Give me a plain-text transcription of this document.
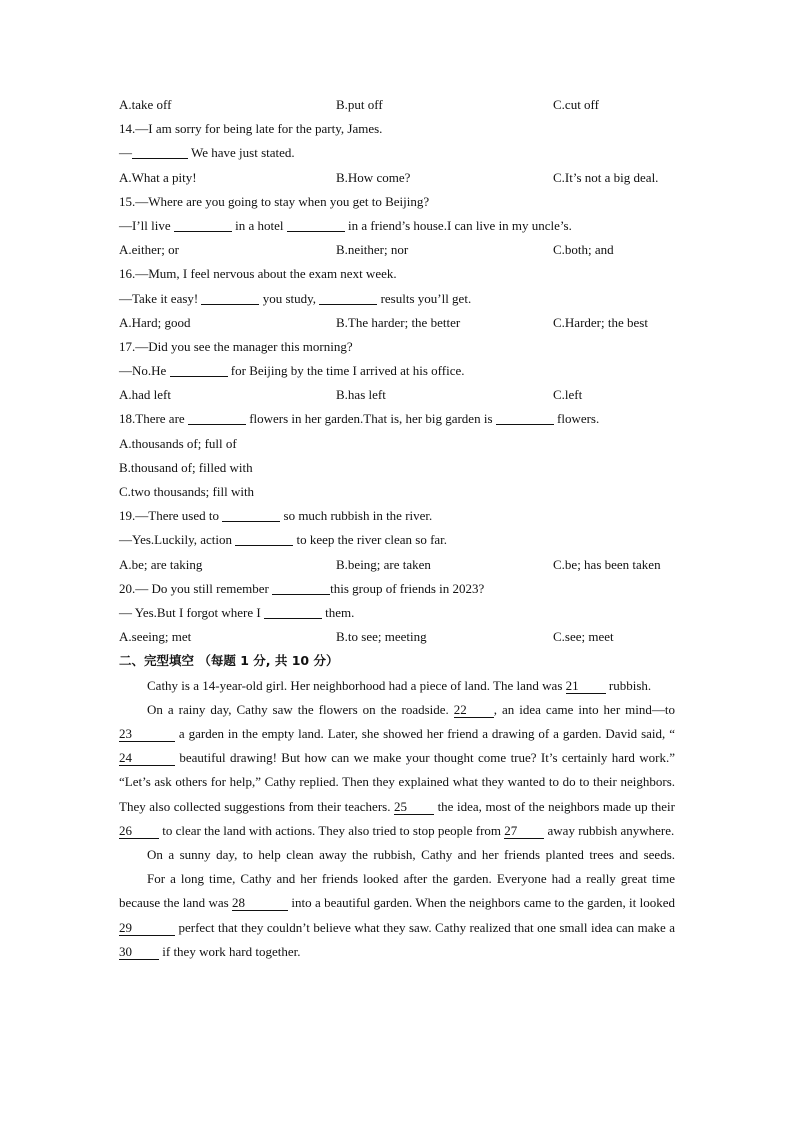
A.take off	B.put off	C.cut off
14.—I am sorry for being late for the party, James.
—	We have just stated.
A.What a pity!	B.How come?	C.It’s not a big deal.
15.—Where are you going to stay when you get to Beijing?
—I’ll live	in a hotel	in a friend’s house.I can live in my uncle’s.
A.either; or	B.neither; nor	C.both; and
16.—Mum, I feel nervous about the exam next week.
—Take it easy!	you study,	results you’ll get.
A.Hard; good	B.The harder; the better	C.Harder; the best
17.—Did you see the manager this morning?
—No.He	for Beijing by the time I arrived at his office.
A.had left	B.has left	C.left
18.There are	flowers in her garden.That is, her big garden is	flowers.
A.thousands of; full of
B.thousand of; filled with
C.two thousands; fill with
19.—There used to	so much rubbish in the river.
—Yes.Luckily, action	to keep the river clean so far.
A.be; are taking	B.being; are taken	C.be; has been taken
20.— Do you still remember	this group of friends in 2023?
— Yes.But I forgot where I	them.
A.seeing; met	B.to see; meeting	C.see; meet
二、完型填空 （每题 1 分, 共 10 分）
Cathy is a 14-year-old girl. Her neighborhood had a piece of land. The land was 21 rubbish.
On a rainy day, Cathy saw the flowers on the roadside. 22 , an idea came into her mind—to 23	a garden in the empty land. Later, she showed her friend a drawing of a garden. David said, “24	beautiful drawing! But how can we make your thought come true? It’s certainly hard work.” “Let’s ask others for help,” Cathy replied. Then they explained what they wanted to do to their neighbors. They also collected suggestions from their teachers. 25 the idea, most of the neighbors made up their 26 to clear the land with actions. They also tried to stop people from 27 away rubbish anywhere.
On a sunny day, to help clean away the rubbish, Cathy and her friends planted trees and seeds.
For a long time, Cathy and her friends looked after the garden. Everyone had a really great time because the land was 28	into a beautiful garden. When the neighbors came to the garden, it looked 29	perfect that they couldn’t believe what they saw. Cathy realized that one small idea can make a 30 if they work hard together.
